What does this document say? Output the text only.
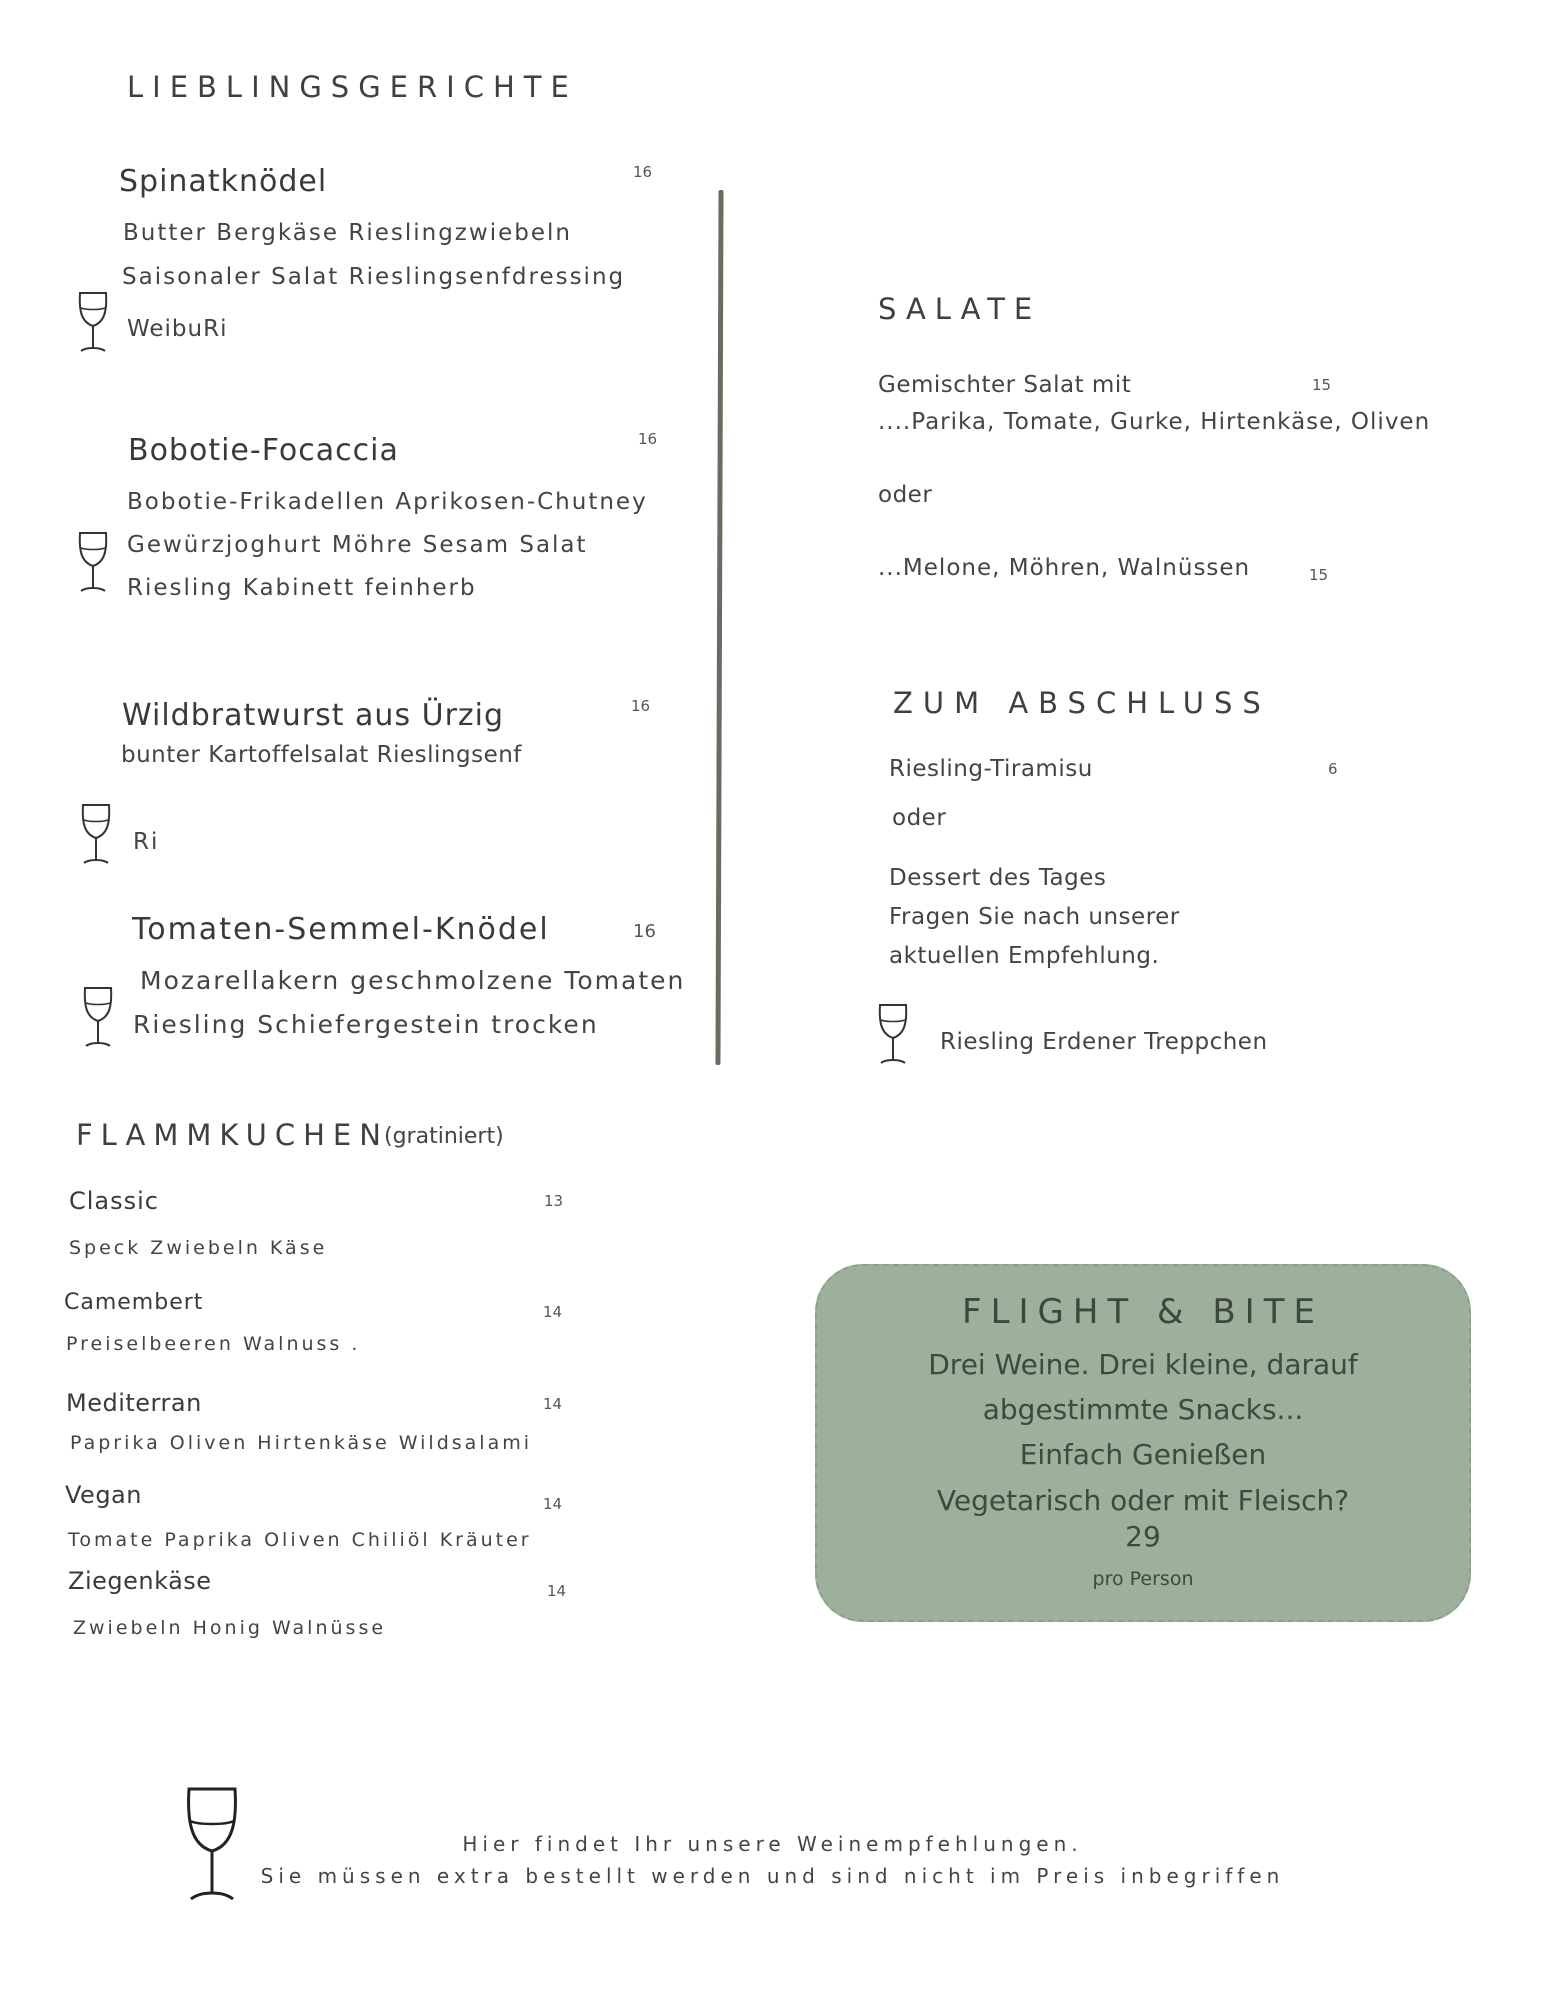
LIEBLINGSGERICHTE
Spinatknödel	16
Butter Bergkäse Rieslingzwiebeln
Saisonaler Salat Rieslingsenfdressing
WeibuRi
Bobotie-Focaccia	16
Bobotie-Frikadellen Aprikosen-Chutney
Gewürzjoghurt Möhre Sesam Salat
Riesling Kabinett feinherb
Wildbratwurst aus Ürzig	16
bunter Kartoffelsalat Rieslingsenf
Ri
Tomaten-Semmel-Knödel	16
Mozarellakern geschmolzene Tomaten
Riesling Schiefergestein trocken
SALATE
Gemischter Salat mit	15
....Parika, Tomate, Gurke, Hirtenkäse, Oliven
oder
...Melone, Möhren, Walnüssen	15
ZUM ABSCHLUSS
Riesling-Tiramisu	6
oder
Dessert des Tages
Fragen Sie nach unserer
aktuellen Empfehlung.
Riesling Erdener Treppchen
FLAMMKUCHEN
(gratiniert)
Classic	13
Speck Zwiebeln Käse
Camembert	14
Preiselbeeren Walnuss .
Mediterran	14
Paprika Oliven Hirtenkäse Wildsalami
Vegan	14
Tomate Paprika Oliven Chiliöl Kräuter
Ziegenkäse	14
Zwiebeln Honig Walnüsse
FLIGHT & BITE
Drei Weine. Drei kleine, darauf
abgestimmte Snacks...
Einfach Genießen
Vegetarisch oder mit Fleisch?
29
pro Person
Hier findet Ihr unsere Weinempfehlungen.
Sie müssen extra bestellt werden und sind nicht im Preis inbegriffen
